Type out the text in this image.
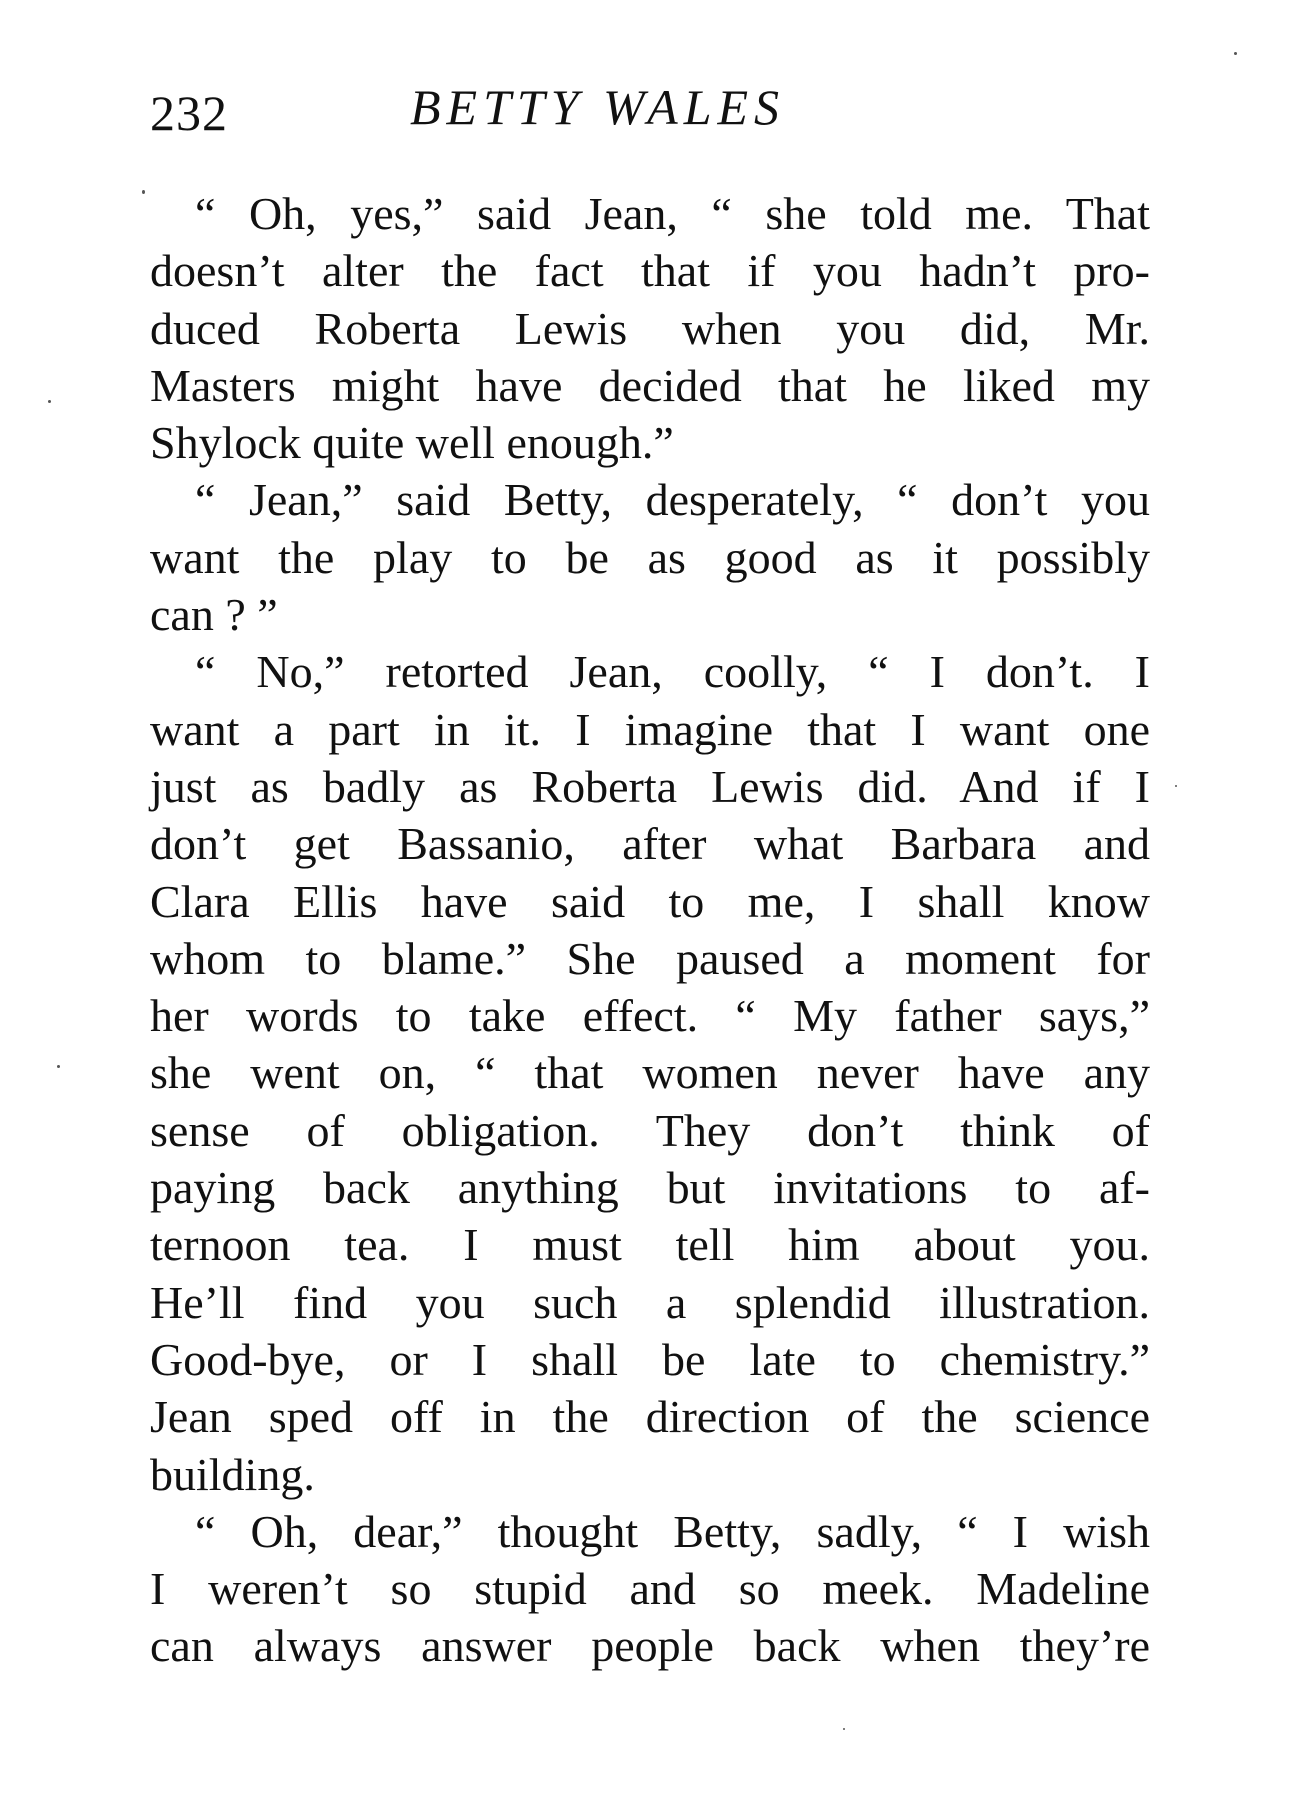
232	BETTY WALES
“ Oh, yes,” said Jean, “ she told me. That
doesn’t alter the fact that if you hadn’t pro-
duced Roberta Lewis when you did, Mr.
Masters might have decided that he liked my
Shylock quite well enough.”
“ Jean,” said Betty, desperately, “ don’t you
want the play to be as good as it possibly
can ? ”
“ No,” retorted Jean, coolly, “ I don’t. I
want a part in it. I imagine that I want one
just as badly as Roberta Lewis did. And if I
don’t get Bassanio, after what Barbara and
Clara Ellis have said to me, I shall know
whom to blame.” She paused a moment for
her words to take effect. “ My father says,”
she went on, “ that women never have any
sense of obligation. They don’t think of
paying back anything but invitations to af-
ternoon tea. I must tell him about you.
He’ll find you such a splendid illustration.
Good-bye, or I shall be late to chemistry.”
Jean sped off in the direction of the science
building.
“ Oh, dear,” thought Betty, sadly, “ I wish
I weren’t so stupid and so meek. Madeline
can always answer people back when they’re
